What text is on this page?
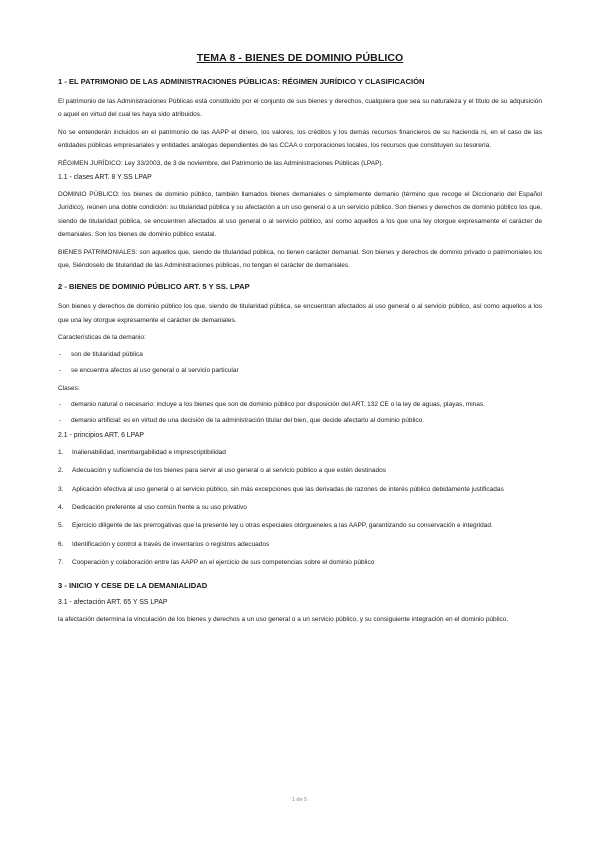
TEMA 8 - BIENES DE DOMINIO PÚBLICO
1 - EL PATRIMONIO DE LAS ADMINISTRACIONES PÚBLICAS: RÉGIMEN JURÍDICO Y CLASIFICACIÓN
El patrimonio de las Administraciones Públicas está constituido por el conjunto de sus bienes y derechos, cualquiera que sea su naturaleza y el título de su adquisición o aquel en virtud del cual les haya sido atribuidos.
No se entenderán incluidos en el patrimonio de las AAPP el dinero, los valores, los créditos y los demás recursos financieros de su hacienda ni, en el caso de las entidades públicas empresariales y entidades análogas dependientes de las CCAA o corporaciones locales, los recursos que constituyen su tesorería.
RÉGIMEN JURÍDICO: Ley 33/2003, de 3 de noviembre, del Patrimonio de las Administraciones Públicas (LPAP).
1.1 - clases ART. 8 Y SS LPAP
DOMINIO PÚBLICO: los bienes de dominio público, también llamados bienes demaniales o simplemente demanio (término que recoge el Diccionario del Español Jurídico), reúnen una doble condición: su titularidad pública y su afectación a un uso general o a un servicio público. Son bienes y derechos de dominio público los que, siendo de titularidad pública, se encuentren afectados al uso general o al servicio público, así como aquellos a los que una ley otorgue expresamente el carácter de demaniales. Son los bienes de dominio público estatal.
BIENES PATRIMONIALES: son aquellos que, siendo de titularidad pública, no tienen carácter demanial. Son bienes y derechos de dominio privado o patrimoniales los que, Siéndoselo de titularidad de las Administraciones públicas, no tengan el carácter de demaniales.
2 - BIENES DE DOMINIO PÚBLICO ART. 5 Y SS. LPAP
Son bienes y derechos de dominio público los que, siendo de titularidad pública, se encuentran afectados al uso general o al servicio público, así como aquellos a los que una ley otorgue expresamente el carácter de demaniales.
Características de la demanio:
- son de titularidad pública
- se encuentra afectos al uso general o al servicio particular
Clases:
- demanio natural o necesario: incluye a los bienes que son de dominio público por disposición del ART. 132 CE o la ley de aguas, playas, minas.
- demanio artificial: es en virtud de una decisión de la administración titular del bien, que decide afectarlo al dominio público.
2.1 - principios ART. 6 LPAP
1. Inalienabilidad, inembargabilidad e imprescriptibilidad
2. Adecuación y suficiencia de los bienes para servir al uso general o al servicio público a que estén destinados
3. Aplicación efectiva al uso general o al servicio público, sin más excepciones que las derivadas de razones de interés público debidamente justificadas
4. Dedicación preferente al uso común frente a su uso privativo
5. Ejercicio diligente de las prerrogativas que la presente ley u otras especiales otórgueneles a las AAPP, garantizando su conservación e integridad.
6. Identificación y control a través de inventarios o registros adecuados
7. Cooperación y colaboración entre las AAPP en el ejercicio de sus competencias sobre el dominio público
3 - INICIO Y CESE DE LA DEMANIALIDAD
3.1 - afectación ART. 65 Y SS LPAP
la afectación determina la vinculación de los bienes y derechos a un uso general o a un servicio público, y su consiguiente integración en el dominio público.
1 de 5
